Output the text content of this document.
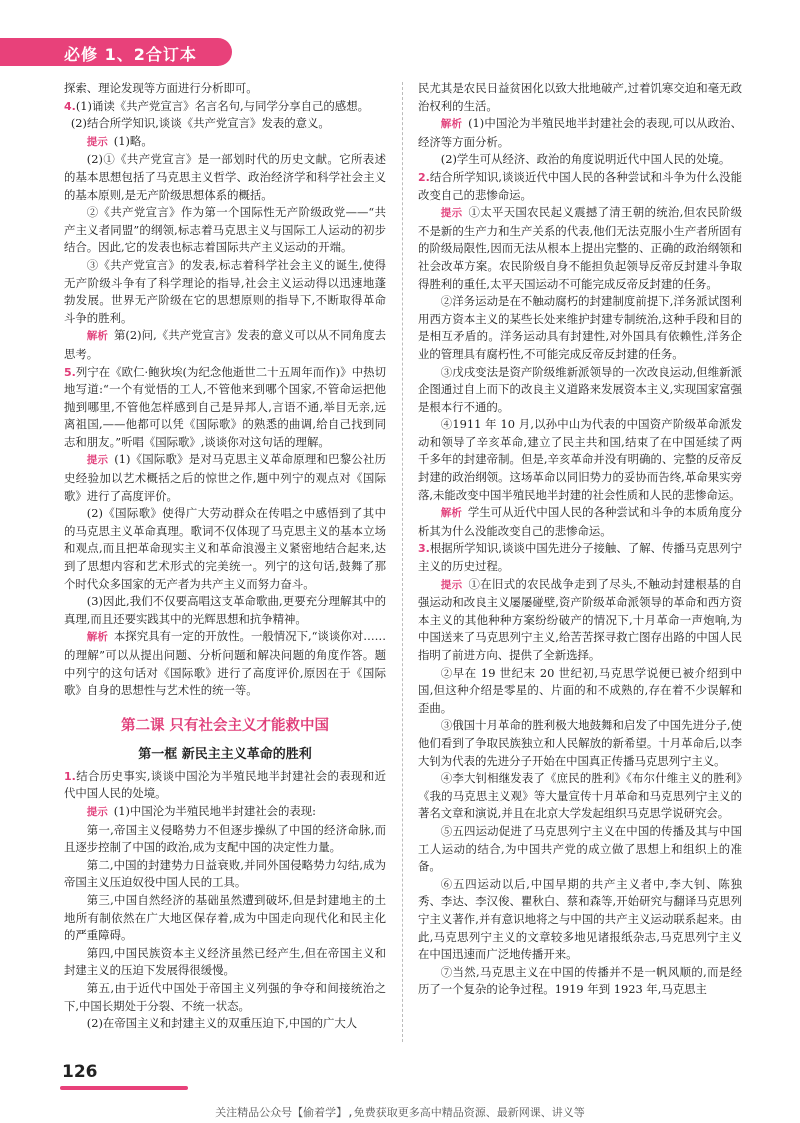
必修 1、2合订本

探索、理论发现等方面进行分析即可。

4.(1)诵读《共产党宣言》名言名句,与同学分享自己的感想。

(2)结合所学知识,谈谈《共产党宣言》发表的意义。

提示 (1)略。

(2)①《共产党宣言》是一部划时代的历史文献。它所表述的基本思想包括了马克思主义哲学、政治经济学和科学社会主义的基本原则,是无产阶级思想体系的概括。

②《共产党宣言》作为第一个国际性无产阶级政党——“共产主义者同盟”的纲领,标志着马克思主义与国际工人运动的初步结合。因此,它的发表也标志着国际共产主义运动的开端。

③《共产党宣言》的发表,标志着科学社会主义的诞生,使得无产阶级斗争有了科学理论的指导,社会主义运动得以迅速地蓬勃发展。世界无产阶级在它的思想原则的指导下,不断取得革命斗争的胜利。

解析 第(2)问,《共产党宣言》发表的意义可以从不同角度去思考。

5.列宁在《欧仁·鲍狄埃(为纪念他逝世二十五周年而作)》中热切地写道:“一个有觉悟的工人,不管他来到哪个国家,不管命运把他抛到哪里,不管他怎样感到自己是异邦人,言语不通,举目无亲,远离祖国,——他都可以凭《国际歌》的熟悉的曲调,给自己找到同志和朋友。”听唱《国际歌》,谈谈你对这句话的理解。

提示 (1)《国际歌》是对马克思主义革命原理和巴黎公社历史经验加以艺术概括之后的惊世之作,题中列宁的观点对《国际歌》进行了高度评价。

(2)《国际歌》使得广大劳动群众在传唱之中感悟到了其中的马克思主义革命真理。歌词不仅体现了马克思主义的基本立场和观点,而且把革命现实主义和革命浪漫主义紧密地结合起来,达到了思想内容和艺术形式的完美统一。列宁的这句话,鼓舞了那个时代众多国家的无产者为共产主义而努力奋斗。

(3)因此,我们不仅要高唱这支革命歌曲,更要充分理解其中的真理,而且还要实践其中的光辉思想和抗争精神。

解析 本探究具有一定的开放性。一般情况下,“谈谈你对……的理解”可以从提出问题、分析问题和解决问题的角度作答。题中列宁的这句话对《国际歌》进行了高度评价,原因在于《国际歌》自身的思想性与艺术性的统一等。

第二课 只有社会主义才能救中国
第一框 新民主主义革命的胜利

1.结合历史事实,谈谈中国沦为半殖民地半封建社会的表现和近代中国人民的处境。

提示 (1)中国沦为半殖民地半封建社会的表现:

第一,帝国主义侵略势力不但逐步操纵了中国的经济命脉,而且逐步控制了中国的政治,成为支配中国的决定性力量。

第二,中国的封建势力日益衰败,并同外国侵略势力勾结,成为帝国主义压迫奴役中国人民的工具。

第三,中国自然经济的基础虽然遭到破坏,但是封建地主的土地所有制依然在广大地区保存着,成为中国走向现代化和民主化的严重障碍。

第四,中国民族资本主义经济虽然已经产生,但在帝国主义和封建主义的压迫下发展得很缓慢。

第五,由于近代中国处于帝国主义列强的争夺和间接统治之下,中国长期处于分裂、不统一状态。

(2)在帝国主义和封建主义的双重压迫下,中国的广大人

民尤其是农民日益贫困化以致大批地破产,过着饥寒交迫和毫无政治权利的生活。

解析 (1)中国沦为半殖民地半封建社会的表现,可以从政治、经济等方面分析。

(2)学生可从经济、政治的角度说明近代中国人民的处境。

2.结合所学知识,谈谈近代中国人民的各种尝试和斗争为什么没能改变自己的悲惨命运。

提示 ①太平天国农民起义震撼了清王朝的统治,但农民阶级不是新的生产力和生产关系的代表,他们无法克服小生产者所固有的阶级局限性,因而无法从根本上提出完整的、正确的政治纲领和社会改革方案。农民阶级自身不能担负起领导反帝反封建斗争取得胜利的重任,太平天国运动不可能完成反帝反封建的任务。

②洋务运动是在不触动腐朽的封建制度前提下,洋务派试图利用西方资本主义的某些长处来维护封建专制统治,这种手段和目的是相互矛盾的。洋务运动具有封建性,对外国具有依赖性,洋务企业的管理具有腐朽性,不可能完成反帝反封建的任务。

③戊戌变法是资产阶级维新派领导的一次改良运动,但维新派企图通过自上而下的改良主义道路来发展资本主义,实现国家富强是根本行不通的。

④1911 年 10 月,以孙中山为代表的中国资产阶级革命派发动和领导了辛亥革命,建立了民主共和国,结束了在中国延续了两千多年的封建帝制。但是,辛亥革命并没有明确的、完整的反帝反封建的政治纲领。这场革命以同旧势力的妥协而告终,革命果实旁落,未能改变中国半殖民地半封建的社会性质和人民的悲惨命运。

解析 学生可从近代中国人民的各种尝试和斗争的本质角度分析其为什么没能改变自己的悲惨命运。

3.根据所学知识,谈谈中国先进分子接触、了解、传播马克思列宁主义的历史过程。

提示 ①在旧式的农民战争走到了尽头,不触动封建根基的自强运动和改良主义屡屡碰壁,资产阶级革命派领导的革命和西方资本主义的其他种种方案纷纷破产的情况下,十月革命一声炮响,为中国送来了马克思列宁主义,给苦苦探寻救亡图存出路的中国人民指明了前进方向、提供了全新选择。

②早在 19 世纪末 20 世纪初,马克思学说便已被介绍到中国,但这种介绍是零星的、片面的和不成熟的,存在着不少误解和歪曲。

③俄国十月革命的胜利极大地鼓舞和启发了中国先进分子,使他们看到了争取民族独立和人民解放的新希望。十月革命后,以李大钊为代表的先进分子开始在中国真正传播马克思列宁主义。

④李大钊相继发表了《庶民的胜利》《布尔什维主义的胜利》《我的马克思主义观》等大量宣传十月革命和马克思列宁主义的著名文章和演说,并且在北京大学发起组织马克思学说研究会。

⑤五四运动促进了马克思列宁主义在中国的传播及其与中国工人运动的结合,为中国共产党的成立做了思想上和组织上的准备。

⑥五四运动以后,中国早期的共产主义者中,李大钊、陈独秀、李达、李汉俊、瞿秋白、蔡和森等,开始研究与翻译马克思列宁主义著作,并有意识地将之与中国的共产主义运动联系起来。由此,马克思列宁主义的文章较多地见诸报纸杂志,马克思列宁主义在中国迅速而广泛地传播开来。

⑦当然,马克思主义在中国的传播并不是一帆风顺的,而是经历了一个复杂的论争过程。1919 年到 1923 年,马克思主

126
关注精品公众号【偷着学】,免费获取更多高中精品资源、最新网课、讲义等
